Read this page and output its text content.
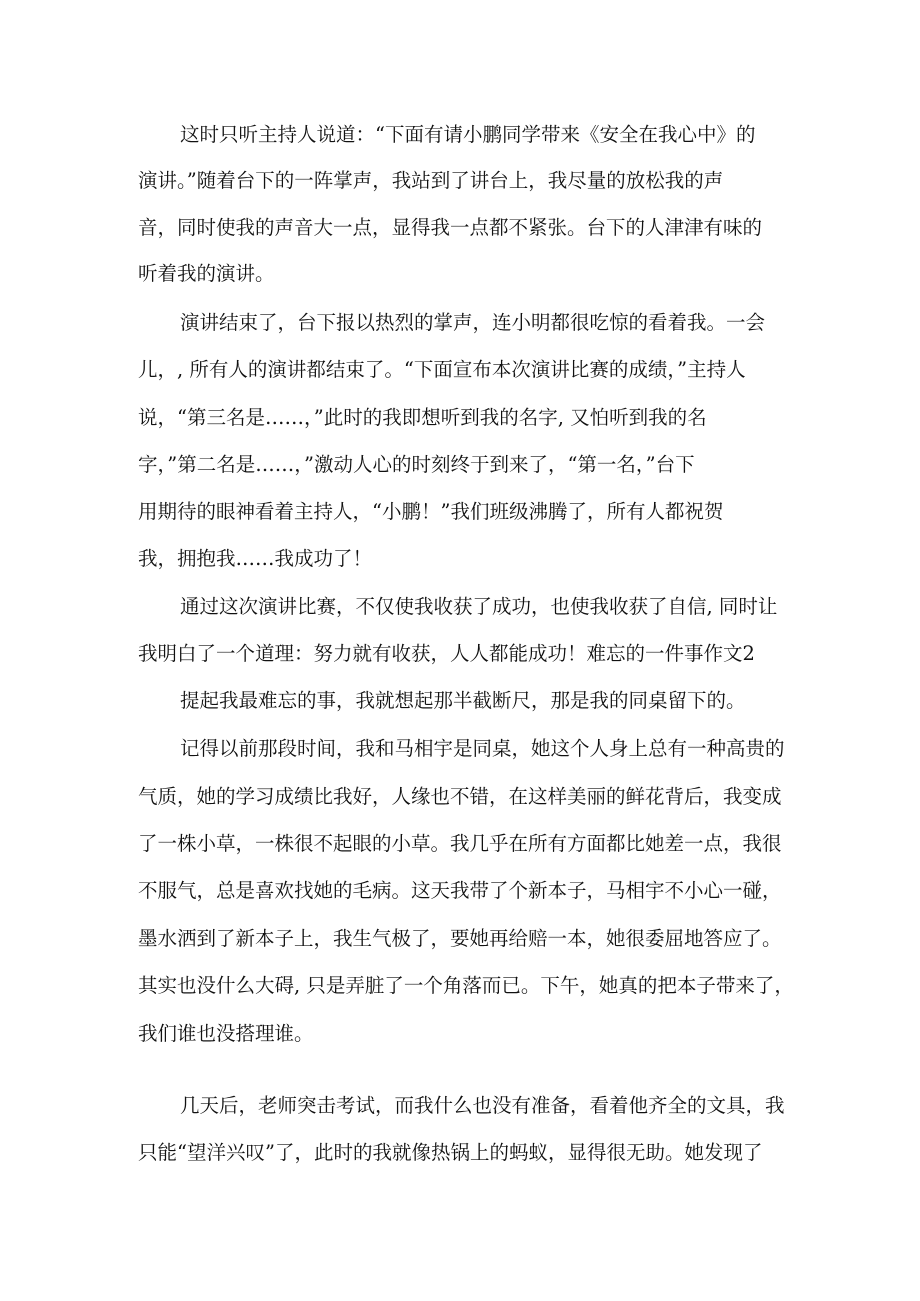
这时只听主持人说道：“下面有请小鹏同学带来《安全在我心中》的
演讲。”随着台下的一阵掌声，我站到了讲台上，我尽量的放松我的声
音，同时使我的声音大一点，显得我一点都不紧张。台下的人津津有味的
听着我的演讲。
演讲结束了，台下报以热烈的掌声，连小明都很吃惊的看着我。一会
儿，, 所有人的演讲都结束了。“下面宣布本次演讲比赛的成绩，”主持人
说，“第三名是……，”此时的我即想听到我的名字, 又怕听到我的名
字，”第二名是……，”激动人心的时刻终于到来了，“第一名，”台下
用期待的眼神看着主持人，“小鹏！”我们班级沸腾了，所有人都祝贺
我，拥抱我……我成功了！
通过这次演讲比赛，不仅使我收获了成功，也使我收获了自信, 同时让
我明白了一个道理：努力就有收获，人人都能成功！难忘的一件事作文2
提起我最难忘的事，我就想起那半截断尺，那是我的同桌留下的。
记得以前那段时间，我和马相宇是同桌，她这个人身上总有一种高贵的
气质，她的学习成绩比我好，人缘也不错，在这样美丽的鲜花背后，我变成
了一株小草，一株很不起眼的小草。我几乎在所有方面都比她差一点，我很
不服气，总是喜欢找她的毛病。这天我带了个新本子，马相宇不小心一碰，
墨水洒到了新本子上，我生气极了，要她再给赔一本，她很委屈地答应了。
其实也没什么大碍, 只是弄脏了一个角落而已。下午，她真的把本子带来了，
我们谁也没搭理谁。
几天后，老师突击考试，而我什么也没有准备，看着他齐全的文具，我
只能“望洋兴叹”了，此时的我就像热锅上的蚂蚁，显得很无助。她发现了
